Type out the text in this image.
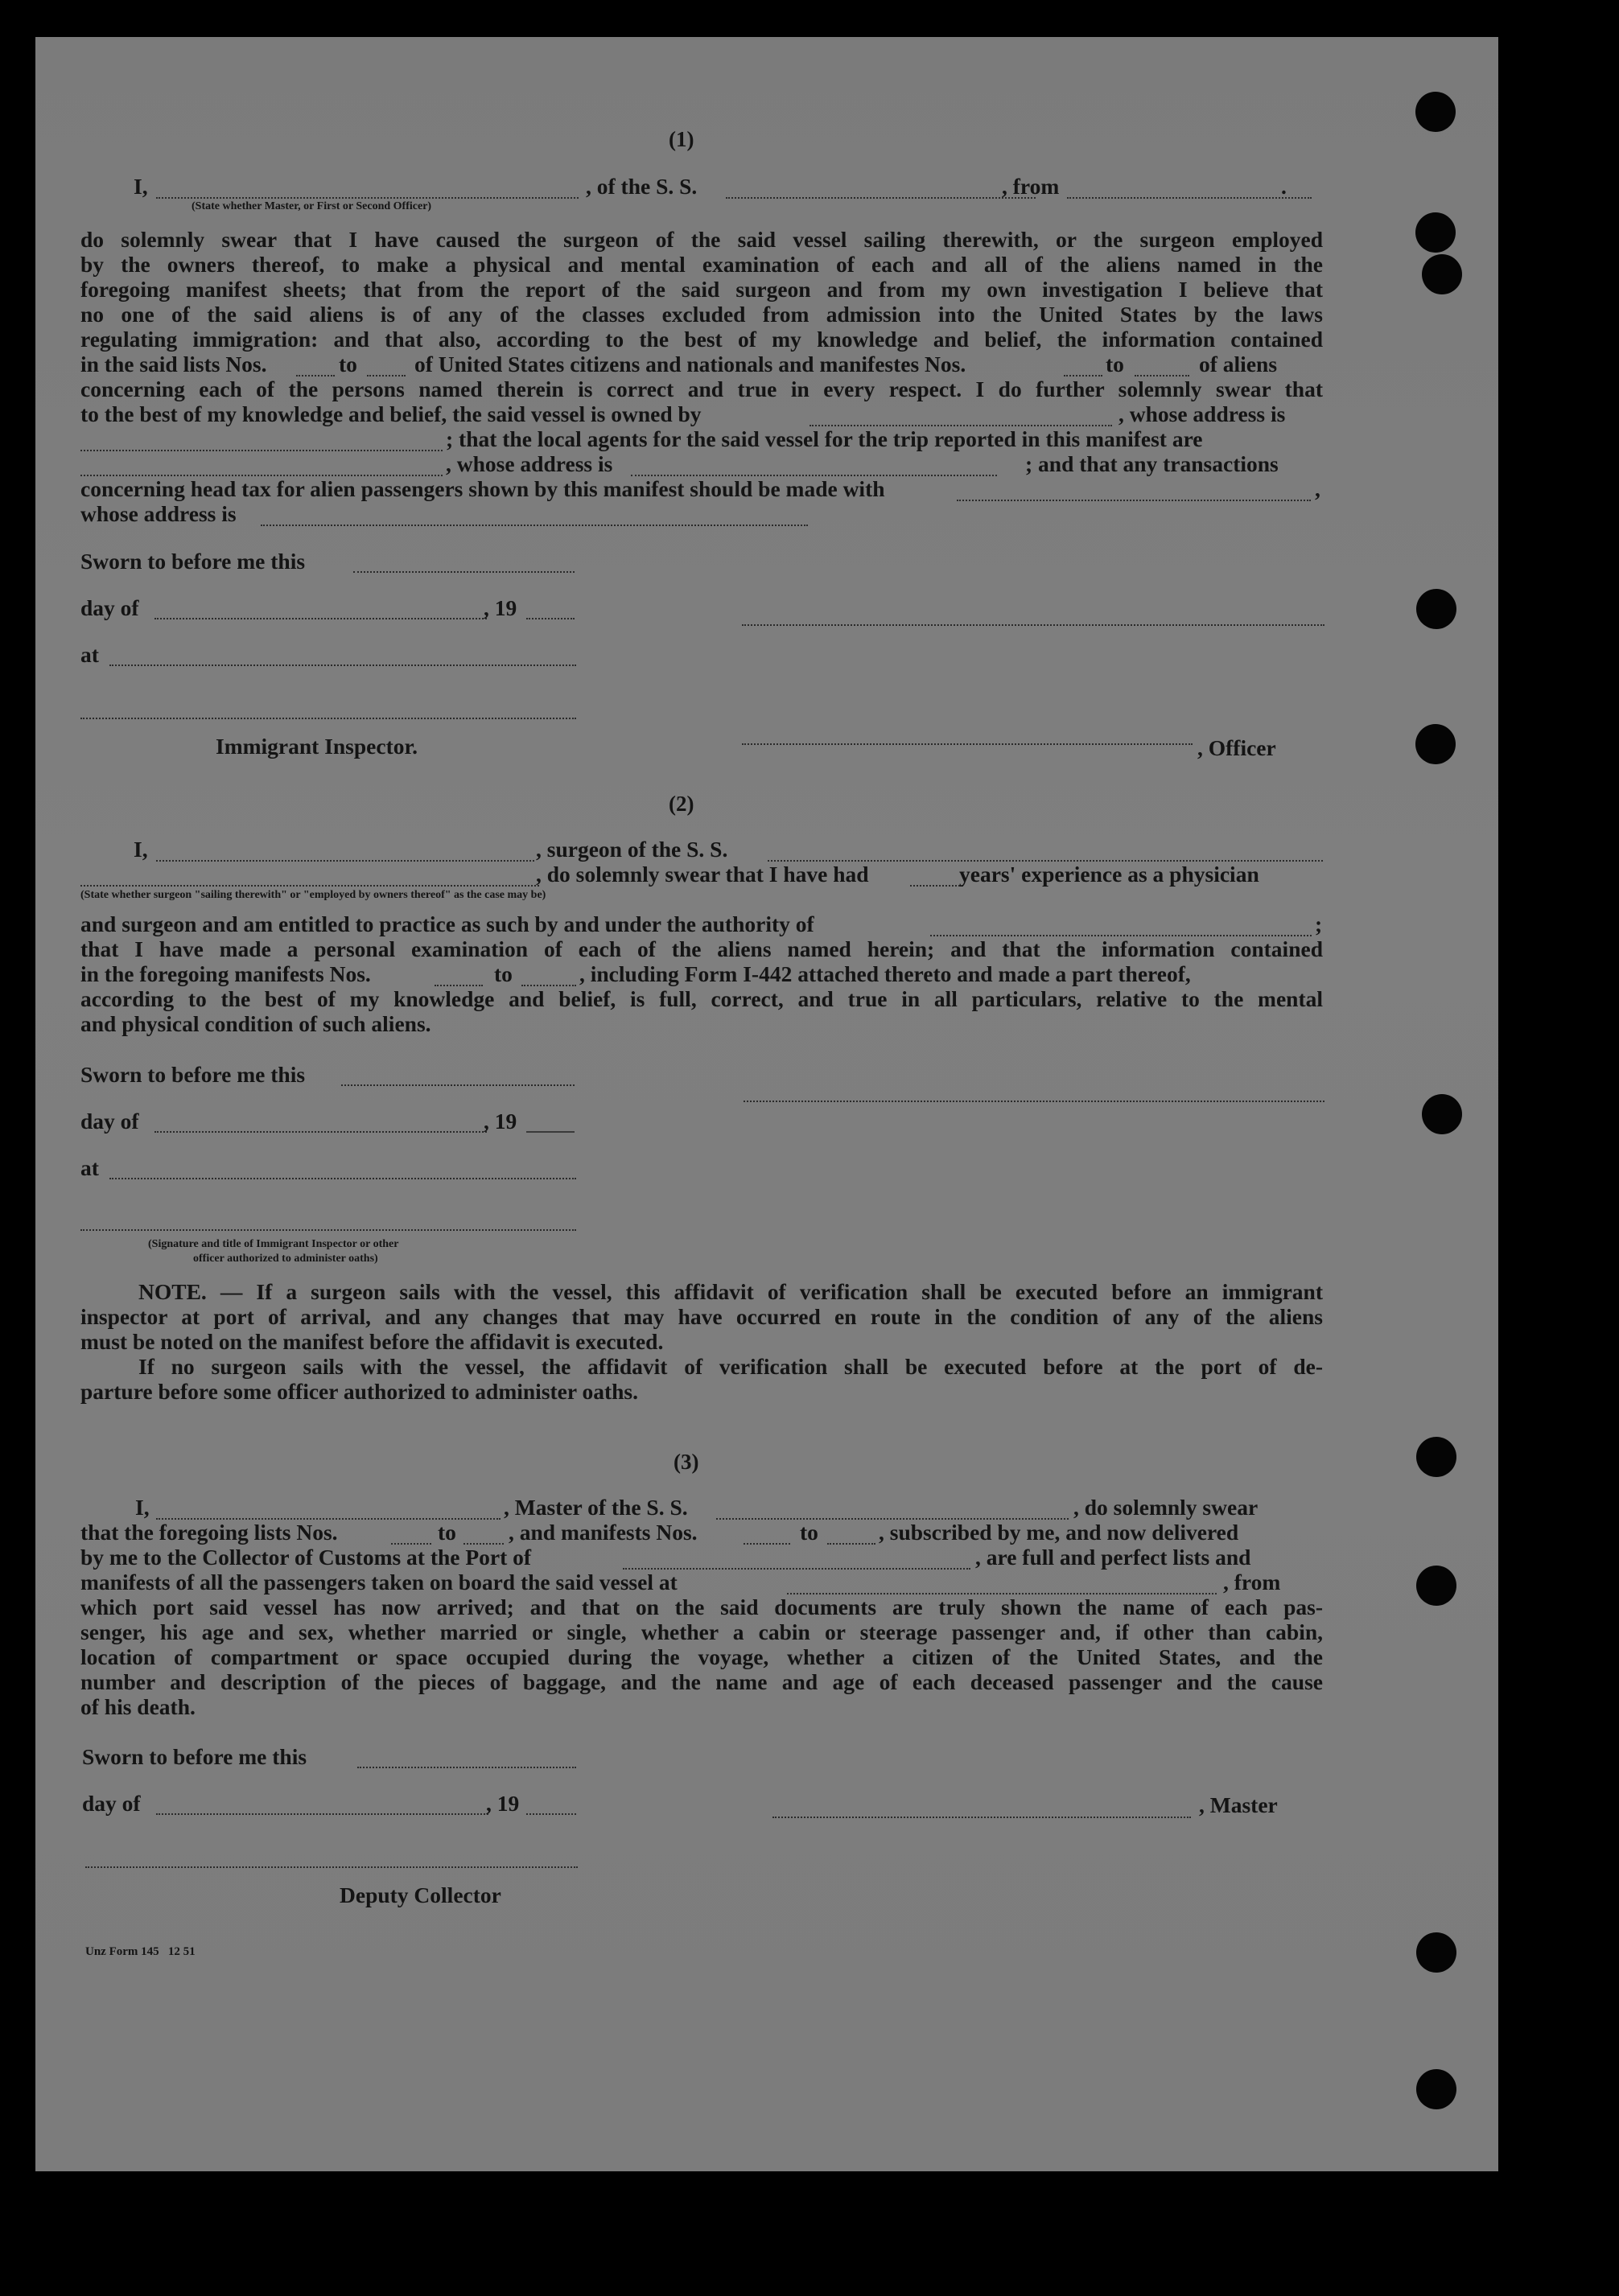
(1)
I,	, of the S. S.	, from	.
(State whether Master, or First or Second Officer)
do solemnly swear that I have caused the surgeon of the said vessel sailing therewith, or the surgeon employed
by the owners thereof, to make a physical and mental examination of each and all of the aliens named in the
foregoing manifest sheets; that from the report of the said surgeon and from my own investigation I believe that
no one of the said aliens is of any of the classes excluded from admission into the United States by the laws
regulating immigration: and that also, according to the best of my knowledge and belief, the information contained
in the said lists Nos.	to	of United States citizens and nationals and manifestes Nos.	to	of aliens
concerning each of the persons named therein is correct and true in every respect. I do further solemnly swear that
to the best of my knowledge and belief, the said vessel is owned by	, whose address is
; that the local agents for the said vessel for the trip reported in this manifest are
, whose address is	; and that any transactions
concerning head tax for alien passengers shown by this manifest should be made with	,
whose address is
Sworn to before me this
day of	, 19
at
Immigrant Inspector.	, Officer
(2)
I,	, surgeon of the S. S.
, do solemnly swear that I have had	years' experience as a physician
(State whether surgeon "sailing therewith" or "employed by owners thereof" as the case may be)
and surgeon and am entitled to practice as such by and under the authority of	;
that I have made a personal examination of each of the aliens named herein; and that the information contained
in the foregoing manifests Nos.	to	, including Form I-442 attached thereto and made a part thereof,
according to the best of my knowledge and belief, is full, correct, and true in all particulars, relative to the mental
and physical condition of such aliens.
Sworn to before me this
day of	, 19
at
(Signature and title of Immigrant Inspector or other
officer authorized to administer oaths)
NOTE. — If a surgeon sails with the vessel, this affidavit of verification shall be executed before an immigrant
inspector at port of arrival, and any changes that may have occurred en route in the condition of any of the aliens
must be noted on the manifest before the affidavit is executed.
If no surgeon sails with the vessel, the affidavit of verification shall be executed before at the port of de-
parture before some officer authorized to administer oaths.
(3)
I,	, Master of the S. S.	, do solemnly swear
that the foregoing lists Nos.	to , and manifests Nos.	to	, subscribed by me, and now delivered
by me to the Collector of Customs at the Port of	, are full and perfect lists and
manifests of all the passengers taken on board the said vessel at	, from
which port said vessel has now arrived; and that on the said documents are truly shown the name of each pas-
senger, his age and sex, whether married or single, whether a cabin or steerage passenger and, if other than cabin,
location of compartment or space occupied during the voyage, whether a citizen of the United States, and the
number and description of the pieces of baggage, and the name and age of each deceased passenger and the cause
of his death.
Sworn to before me this
day of	, 19	, Master
Deputy Collector
Unz Form 145   12 51
